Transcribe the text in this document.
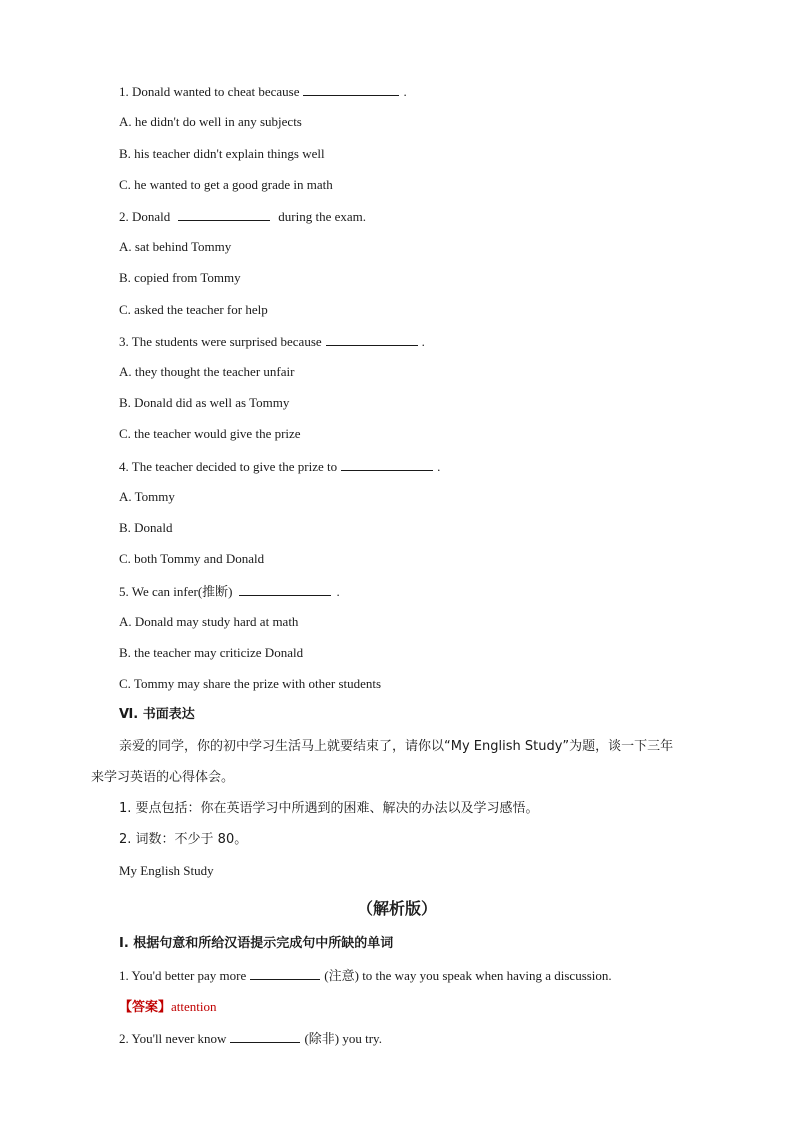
1. Donald wanted to cheat because	.
A. he didn't do well in any subjects
B. his teacher didn't explain things well
C. he wanted to get a good grade in math
2. Donald	during the exam.
A. sat behind Tommy
B. copied from Tommy
C. asked the teacher for help
3. The students were surprised because	.
A. they thought the teacher unfair
B. Donald did as well as Tommy
C. the teacher would give the prize
4. The teacher decided to give the prize to	.
A. Tommy
B. Donald
C. both Tommy and Donald
5. We can infer(推断)	.
A. Donald may study hard at math
B. the teacher may criticize Donald
C. Tommy may share the prize with other students
Ⅵ. 书面表达
亲爱的同学，你的初中学习生活马上就要结束了，请你以“My English Study”为题，谈一下三年
来学习英语的心得体会。
1. 要点包括：你在英语学习中所遇到的困难、解决的办法以及学习感悟。
2. 词数：不少于 80。
My English Study
（解析版）
I. 根据句意和所给汉语提示完成句中所缺的单词
1. You'd better pay more	(注意) to the way you speak when having a discussion.
【答案】attention
2. You'll never know	(除非) you try.
